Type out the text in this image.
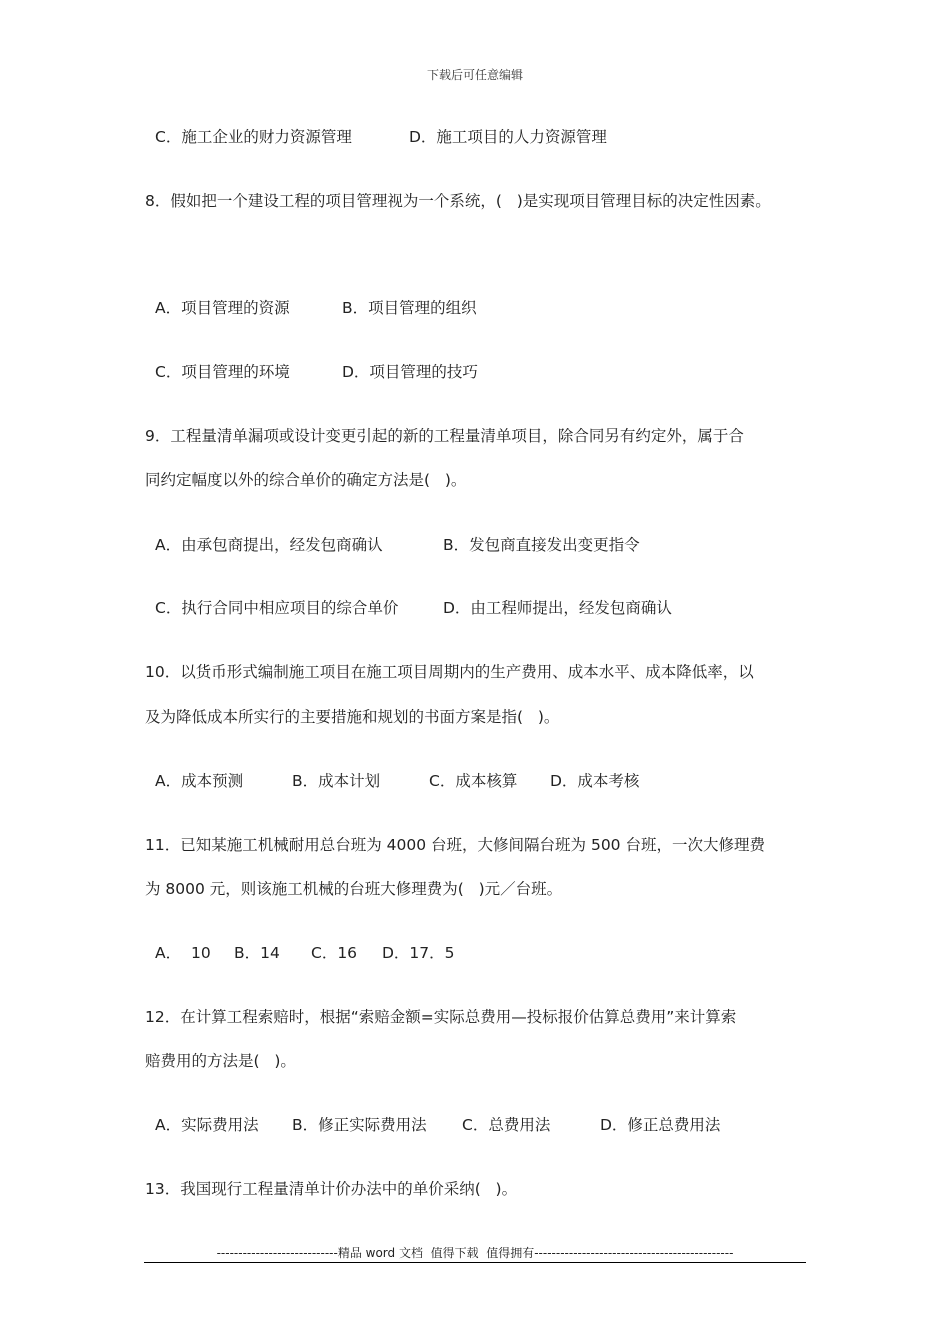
下载后可任意编辑
C．施工企业的财力资源管理	D．施工项目的人力资源管理
8．假如把一个建设工程的项目管理视为一个系统，(   )是实现项目管理目标的决定性因素。
A．项目管理的资源	B．项目管理的组织
C．项目管理的环境	D．项目管理的技巧
9．工程量清单漏项或设计变更引起的新的工程量清单项目，除合同另有约定外，属于合
同约定幅度以外的综合单价的确定方法是(   )。
A．由承包商提出，经发包商确认	B．发包商直接发出变更指令
C．执行合同中相应项目的综合单价	D．由工程师提出，经发包商确认
10．以货币形式编制施工项目在施工项目周期内的生产费用、成本水平、成本降低率，以
及为降低成本所实行的主要措施和规划的书面方案是指(   )。
A．成本预测	B．成本计划	C．成本核算 D．成本考核
11．已知某施工机械耐用总台班为 4000 台班，大修间隔台班为 500 台班，一次大修理费
为 8000 元，则该施工机械的台班大修理费为(   )元／台班。
A．  10 B．14 C．16 D．17．5
12．在计算工程索赔时，根据“索赔金额=实际总费用—投标报价估算总费用”来计算索
赔费用的方法是(   )。
A．实际费用法 B．修正实际费用法 C．总费用法	D．修正总费用法
13．我国现行工程量清单计价办法中的单价采纳(   )。
----------------------------精品 word 文档  值得下载  值得拥有----------------------------------------------
